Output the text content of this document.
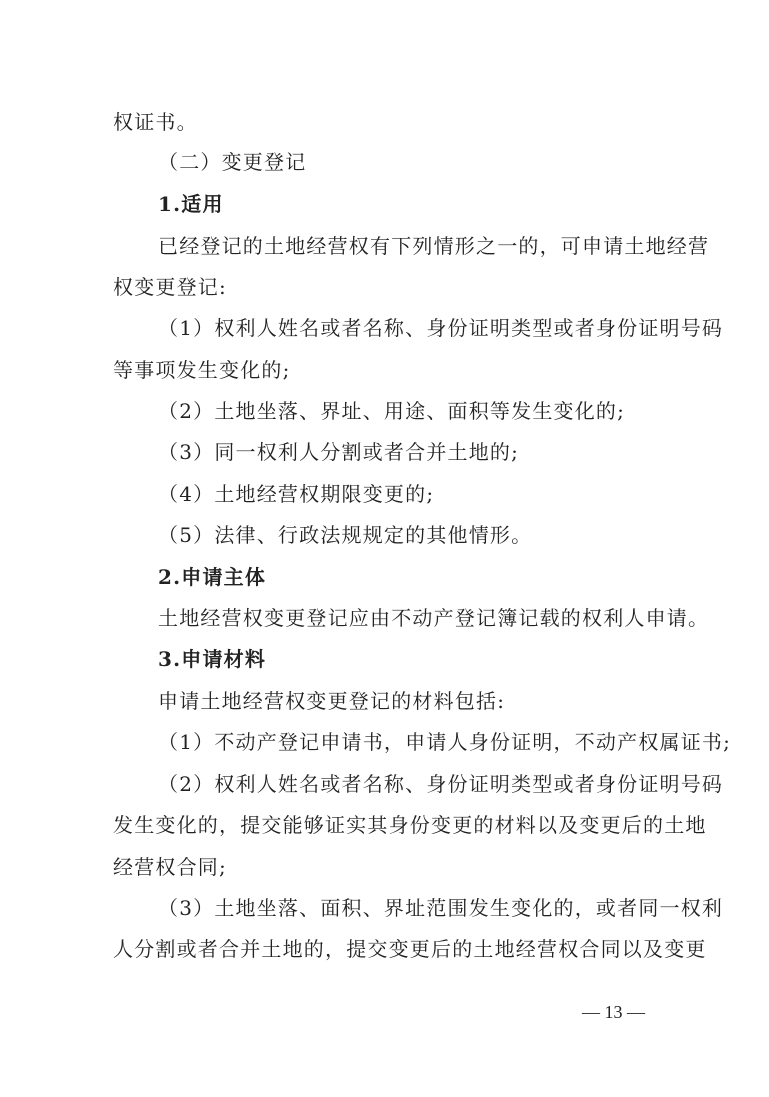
权证书。
（二）变更登记
1.适用
已经登记的土地经营权有下列情形之一的，可申请土地经营
权变更登记:
（1）权利人姓名或者名称、身份证明类型或者身份证明号码
等事项发生变化的;
（2）土地坐落、界址、用途、面积等发生变化的;
（3）同一权利人分割或者合并土地的;
（4）土地经营权期限变更的;
（5）法律、行政法规规定的其他情形。
2.申请主体
土地经营权变更登记应由不动产登记簿记载的权利人申请。
3.申请材料
申请土地经营权变更登记的材料包括:
（1）不动产登记申请书，申请人身份证明，不动产权属证书;
（2）权利人姓名或者名称、身份证明类型或者身份证明号码
发生变化的，提交能够证实其身份变更的材料以及变更后的土地
经营权合同;
（3）土地坐落、面积、界址范围发生变化的，或者同一权利
人分割或者合并土地的，提交变更后的土地经营权合同以及变更
— 13 —
